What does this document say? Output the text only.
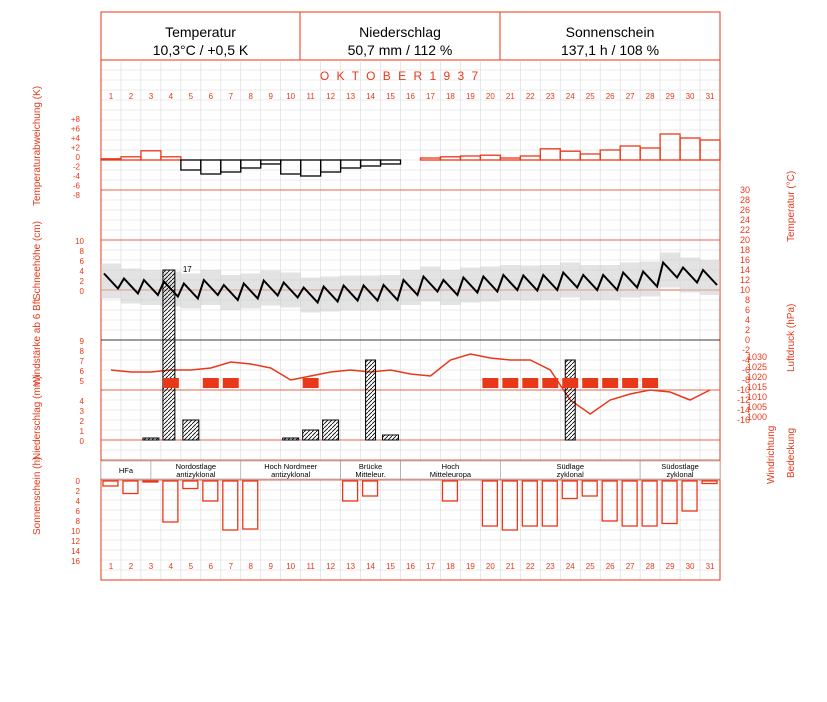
Temperatur
10,3°C / +0,5 K
Niederschlag
50,7 mm / 112 %
Sonnenschein
137,1 h / 108 %
Temperaturabweichung (K)
Schneehöhe (cm)
Windstärke ab 6 Bft
Niederschlag (mm)
Sonnenschein (h)
Temperatur (°C)
Luftdruck (hPa)
Windrichtung Bedeckung
O K T O B E R 1 9 3 7
1
1
2
2
3
3
4
4
5
5
6
6
7
7
8
8
9
9
10
10
11
11
12
12
13
13
14
14
15
15
16
16
17
17
18
18
19
19
20
20
21
21
22
22
23
23
24
24
25
25
26
26
27
27
28
28
29
29
30
30
31
31
+8
+6
+4
+2
0
-2
-4
-6
-8
30
28
26
24
22
20
18
16
14
12
10
8
6
4
2
0
-2
-4
-6
-8
-10
-12
-14
-16
10
8
6
4
2
0
9
8
7
6
5
4
3
2
1
0
1030
1025
1020
1015
1010
1005
1000
0
2
4
6
8
10
12
14
16
17
HFa	Nordostlage
antizyklonal
Hoch Nordmeer
antizyklonal
Brücke
Mitteleur.
Hoch
Mitteleuropa
Südlage
zyklonal
Südostlage
zyklonal
